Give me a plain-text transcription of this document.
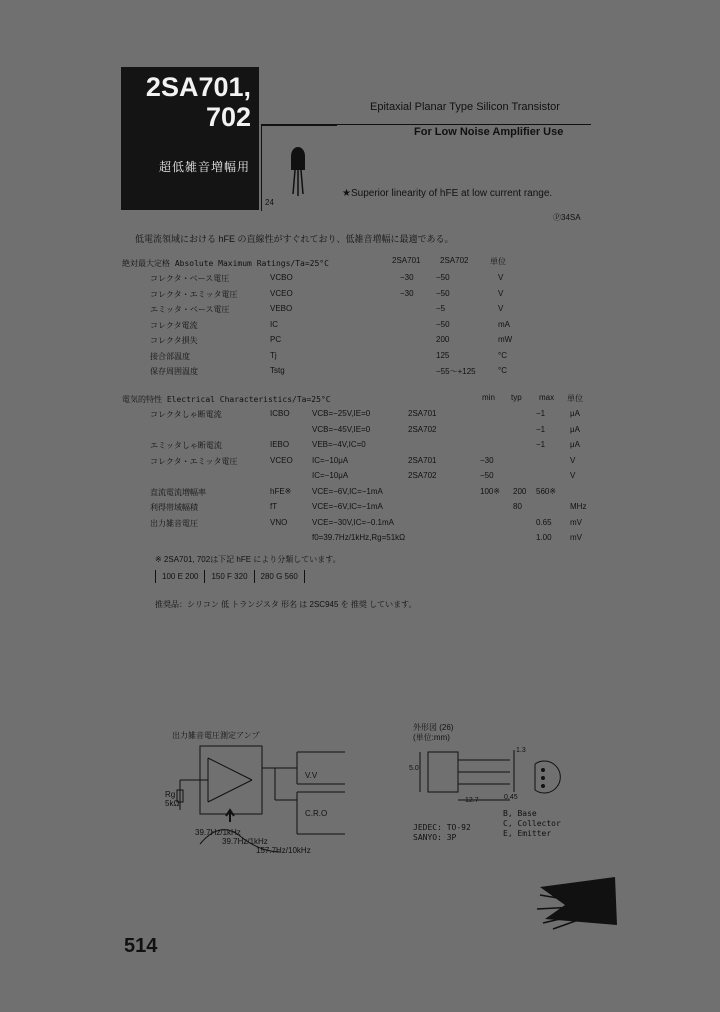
2SA701,
702
超低雑音増幅用
Epitaxial Planar Type Silicon Transistor
For Low Noise Amplifier Use
24
★Superior linearity of hFE at low current range.
Ⓟ34SA
低電流領域における hFE の直線性がすぐれており、低雑音増幅に最適である。
絶対最大定格 Absolute Maximum Ratings/Ta=25°C	2SA701 2SA702	単位
コレクタ・ベース電圧	VCBO	−30	−50	V
コレクタ・エミッタ電圧	VCEO	−30	−50	V
エミッタ・ベース電圧	VEBO	−5	V
コレクタ電流	IC	−50	mA
コレクタ損失	PC	200	mW
接合部温度	Tj	125	°C
保存周囲温度	Tstg	−55〜+125	°C
電気的特性 Electrical Characteristics/Ta=25°C	min typ max 単位
コレクタしゃ断電流	ICBO	VCB=−25V,IE=0	2SA701	−1	μA
VCB=−45V,IE=0	2SA702	−1	μA
エミッタしゃ断電流	IEBO	VEB=−4V,IC=0	−1	μA
コレクタ・エミッタ電圧	VCEO IC=−10μA	2SA701	−30	V
IC=−10μA	2SA702	−50	V
直流電流増幅率	hFE※	VCE=−6V,IC=−1mA	100※ 200 560※
利得帯域幅積	fT	VCE=−6V,IC=−1mA	80	MHz
出力雑音電圧	VNO	VCE=−30V,IC=−0.1mA	0.65 mV
f0=39.7Hz/1kHz,Rg=51kΩ	1.00 mV
※ 2SA701, 702は下記 hFE により分類しています。
100 E 200	150 F 320	280 G 560
推奨品：シリコン 低 トランジスタ 形名 は 2SC945 を 推奨 しています。
出力雑音電圧測定アンプ
V.V
C.R.O
Rg 5kΩ
39.7Hz/1kHz
39.7Hz/1kHz
157.7Hz/10kHz
外形図 (26)
(単位:mm)
5.0
0.45
12.7
1.3
B, Base
C, Collector
E, Emitter
JEDEC: TO-92
SANYO: 3P
514
